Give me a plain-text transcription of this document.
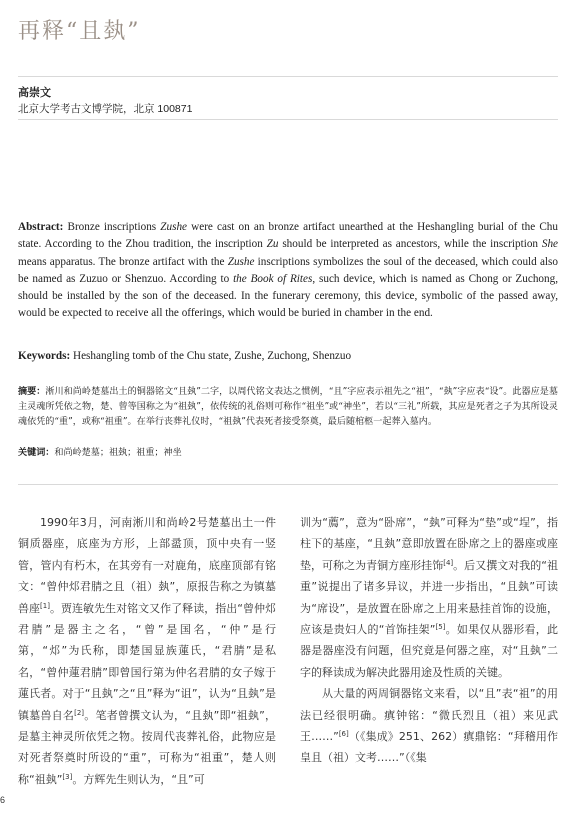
再释“且埶”
高崇文
北京大学考古文博学院，北京 100871
Abstract: Bronze inscriptions Zushe were cast on an bronze artifact unearthed at the Heshangling burial of the Chu state. According to the Zhou tradition, the inscription Zu should be interpreted as ancestors, while the inscription She means apparatus. The bronze artifact with the Zushe inscriptions symbolizes the soul of the deceased, which could also be named as Zuzuo or Shenzuo. According to the Book of Rites, such device, which is named as Chong or Zuchong, should be installed by the son of the deceased. In the funerary ceremony, this device, symbolic of the passed away, would be expected to receive all the offerings, which would be buried in chamber in the end.
Keywords: Heshangling tomb of the Chu state, Zushe, Zuchong, Shenzuo
摘要：淅川和尚岭楚墓出土的铜器铭文“且埶”二字，以周代铭文表达之惯例，“且”字应表示祖先之“祖”，“埶”字应表“设”。此器应是墓主灵魂所凭依之物，楚、曾等国称之为“祖埶”，依传统的礼俗则可称作“祖坐”或“神坐”，若以“三礼”所载，其应是死者之子为其所设灵魂依凭的“重”，或称“祖重”。在举行丧葬礼仪时，“祖埶”代表死者接受祭奠，最后随棺柩一起葬入墓内。
关键词：和尚岭楚墓；祖埶；祖重；神坐

1990年3月，河南淅川和尚岭2号楚墓出土一件铜质器座，底座为方形，上部盝顶，顶中央有一竖管，管内有朽木，在其旁有一对鹿角，底座顶部有铭文：“曾仲邩君腈之且（祖）埶”，原报告称之为镇墓兽座[1]。贾连敏先生对铭文又作了释读，指出“曾仲邩君腈”是器主之名，“曾”是国名，“仲”是行第，“邩”为氏称，即楚国显族蓮氏，“君腈”是私名，“曾仲蓮君腈”即曾国行第为仲名君腈的女子嫁于蓮氏者。对于“且埶”之“且”释为“诅”，认为“且埶”是镇墓兽自名[2]。笔者曾撰文认为，“且埶”即“祖埶”，是墓主神灵所依凭之物。按周代丧葬礼俗，此物应是对死者祭奠时所设的“重”，可称为“祖重”，楚人则称“祖埶”[3]。方辉先生则认为，“且”可

训为“薦”，意为“卧席”，“埶”可释为“垫”或“埕”，指柱下的基座，“且埶”意即放置在卧席之上的器座或座垫，可称之为青铜方座形挂饰[4]。后又撰文对我的“祖重”说提出了诸多异议，并进一步指出，“且埶”可读为“席设”，是放置在卧席之上用来悬挂首饰的设施，应该是贵妇人的“首饰挂架”[5]。如果仅从器形看，此器是器座没有问题，但究竟是何器之座，对“且埶”二字的释读成为解决此器用途及性质的关键。

从大量的两周铜器铭文来看，以“且”表“祖”的用法已经很明确。瘨钟铭：“微氏烈且（祖）来见武王……”[6]（《集成》251、262）瘨鼎铭：“拜稽用作皇且（祖）文考……”（《集

6
